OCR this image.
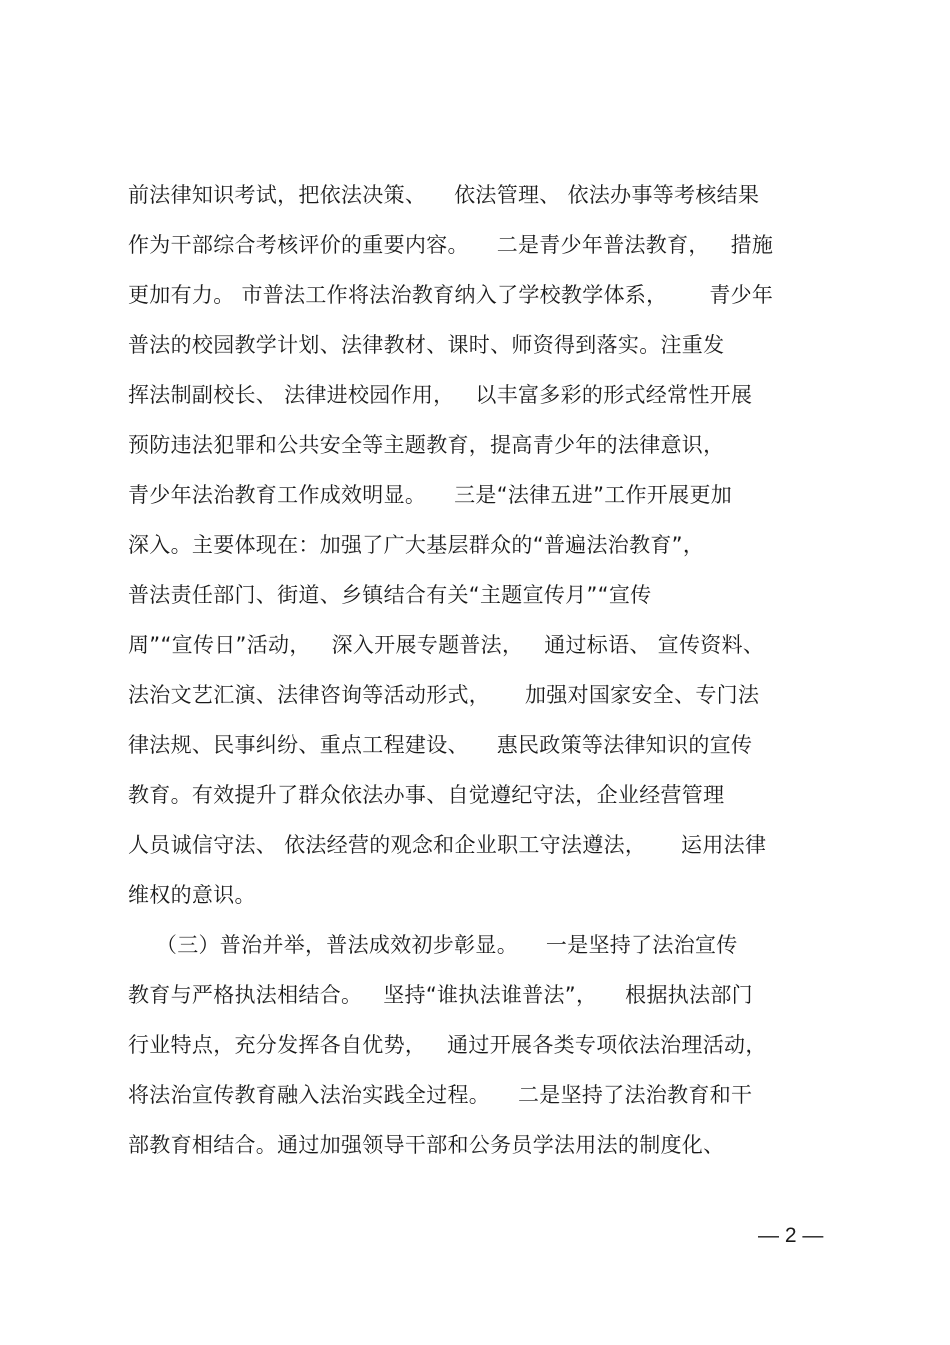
前法律知识考试，把依法决策、    依法管理、 依法办事等考核结果
作为干部综合考核评价的重要内容。    二是青少年普法教育，   措施
更加有力。 市普法工作将法治教育纳入了学校教学体系，      青少年
普法的校园教学计划、法律教材、课时、师资得到落实。注重发
挥法制副校长、 法律进校园作用，   以丰富多彩的形式经常性开展
预防违法犯罪和公共安全等主题教育，提高青少年的法律意识，
青少年法治教育工作成效明显。    三是“法律五进”工作开展更加
深入。主要体现在：加强了广大基层群众的“普遍法治教育”，
普法责任部门、街道、乡镇结合有关“主题宣传月”“宣传
周”“宣传日”活动，   深入开展专题普法，   通过标语、 宣传资料、
法治文艺汇演、法律咨询等活动形式，     加强对国家安全、专门法
律法规、民事纠纷、重点工程建设、    惠民政策等法律知识的宣传
教育。有效提升了群众依法办事、自觉遵纪守法，企业经营管理
人员诚信守法、 依法经营的观念和企业职工守法遵法，     运用法律
维权的意识。
（三）普治并举，普法成效初步彰显。    一是坚持了法治宣传
教育与严格执法相结合。   坚持“谁执法谁普法”，    根据执法部门
行业特点，充分发挥各自优势，   通过开展各类专项依法治理活动，
将法治宣传教育融入法治实践全过程。    二是坚持了法治教育和干
部教育相结合。通过加强领导干部和公务员学法用法的制度化、
— 2 —
